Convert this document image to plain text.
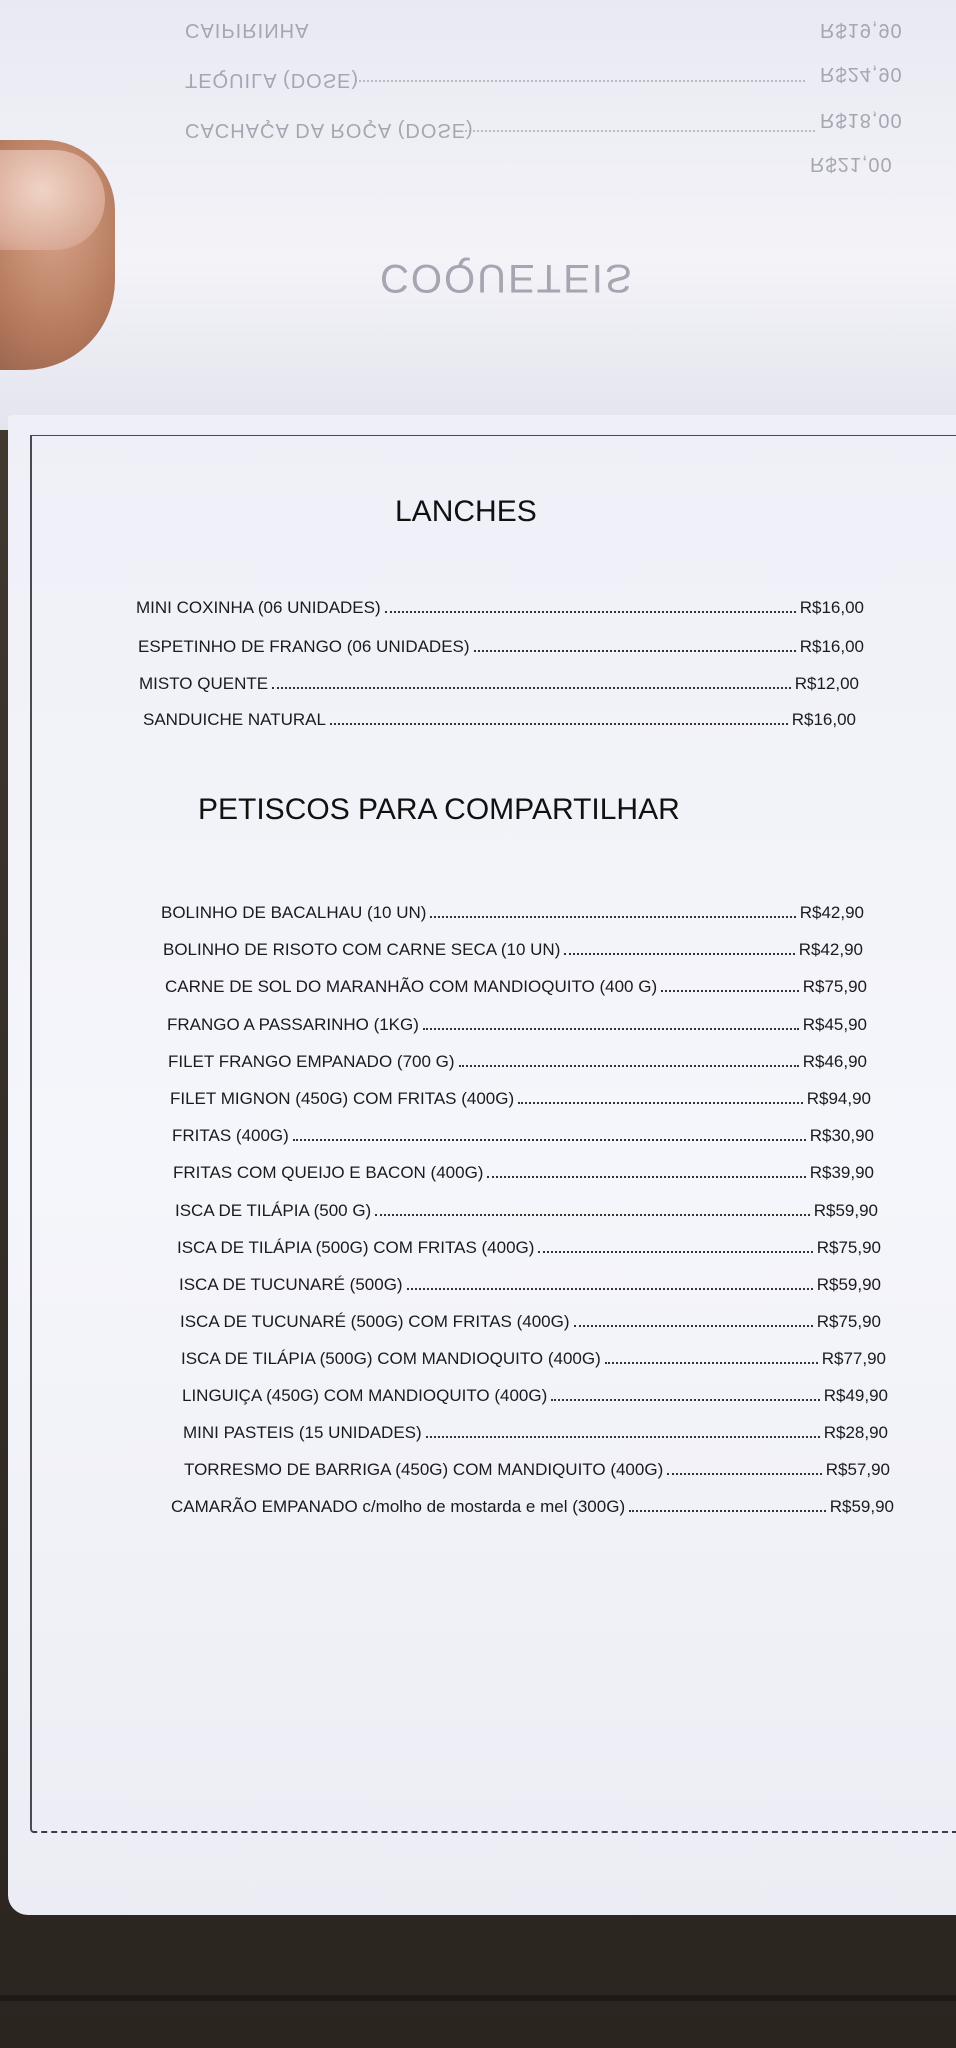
CAIPIRINHA	R$19,90
TEQUILA (DOSE)	R$24,90
CACHAÇA DA ROÇA (DOSE)	R$18,00
R$21,00
COQUETEIS
LANCHES
MINI COXINHA (06 UNIDADES)	R$16,00
ESPETINHO DE FRANGO (06 UNIDADES)	R$16,00
MISTO QUENTE	R$12,00
SANDUICHE NATURAL	R$16,00
PETISCOS PARA COMPARTILHAR
BOLINHO DE BACALHAU (10 UN)	R$42,90
BOLINHO DE RISOTO COM CARNE SECA (10 UN)	R$42,90
CARNE DE SOL DO MARANHÃO COM MANDIOQUITO (400 G)	R$75,90
FRANGO A PASSARINHO (1KG)	R$45,90
FILET FRANGO EMPANADO (700 G)	R$46,90
FILET MIGNON (450G) COM FRITAS (400G)	R$94,90
FRITAS (400G)	R$30,90
FRITAS COM QUEIJO E BACON (400G)	R$39,90
ISCA DE TILÁPIA (500 G)	R$59,90
ISCA DE TILÁPIA (500G) COM FRITAS (400G)	R$75,90
ISCA DE TUCUNARÉ (500G)	R$59,90
ISCA DE TUCUNARÉ (500G) COM FRITAS (400G)	R$75,90
ISCA DE TILÁPIA (500G) COM MANDIOQUITO (400G)	R$77,90
LINGUIÇA (450G) COM MANDIOQUITO (400G)	R$49,90
MINI PASTEIS (15 UNIDADES)	R$28,90
TORRESMO DE BARRIGA (450G) COM MANDIQUITO (400G)	R$57,90
CAMARÃO EMPANADO c/molho de mostarda e mel (300G)	R$59,90
